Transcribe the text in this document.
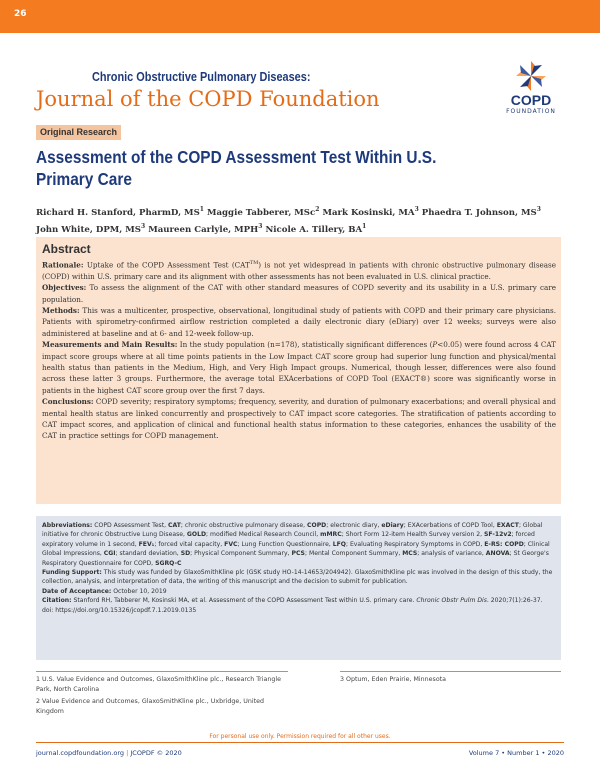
26
Chronic Obstructive Pulmonary Diseases:
Journal of the COPD Foundation	COPD
FOUNDATION
Original Research
Assessment of the COPD Assessment Test Within U.S. Primary Care
Richard H. Stanford, PharmD, $MS^1$ Maggie Tabberer, MSc$^2$ Mark Kosinski, $MA^3$ Phaedra T. Johnson, $MS^3$
John White, DPM, $MS^3$ Maureen Carlyle, MPH$^3$ Nicole A. Tillery, $BA^1$
Abstract

Rationale: Uptake of the COPD Assessment Test (CAT™) is not yet widespread in patients with chronic obstructive pulmonary disease (COPD) within U.S. primary care and its alignment with other assessments has not been evaluated in U.S. clinical practice.

Objectives: To assess the alignment of the CAT with other standard measures of COPD severity and its usability in a U.S. primary care population.

Methods: This was a multicenter, prospective, observational, longitudinal study of patients with COPD and their primary care physicians. Patients with spirometry-confirmed airflow restriction completed a daily electronic diary (eDiary) over 12 weeks; surveys were also administered at baseline and at 6- and 12-week follow-up.

Measurements and Main Results: In the study population (n=178), statistically significant differences (P<0.05) were found across 4 CAT impact score groups where at all time points patients in the Low Impact CAT score group had superior lung function and physical/mental health status than patients in the Medium, High, and Very High Impact groups. Numerical, though lesser, differences were also found across these latter 3 groups. Furthermore, the average total EXAcerbations of COPD Tool (EXACT®) score was significantly worse in patients in the highest CAT score group over the first 7 days.

Conclusions: COPD severity; respiratory symptoms; frequency, severity, and duration of pulmonary exacerbations; and overall physical and mental health status are linked concurrently and prospectively to CAT impact score categories. The stratification of patients according to CAT impact scores, and application of clinical and functional health status information to these categories, enhances the usability of the CAT in practice settings for COPD management.

Abbreviations: COPD Assessment Test, CAT; chronic obstructive pulmonary disease, COPD; electronic diary, eDiary; EXAcerbations of COPD Tool, EXACT; Global initiative for chronic Obstructive Lung Disease, GOLD; modified Medical Research Council, mMRC; Short Form 12-item Health Survey version 2, SF-12v2; forced expiratory volume in 1 second, FEV₁; forced vital capacity, FVC; Lung Function Questionnaire, LFQ; Evaluating Respiratory Symptoms in COPD, E-RS: COPD; Clinical Global Impressions, CGI; standard deviation, SD; Physical Component Summary, PCS; Mental Component Summary, MCS; analysis of variance, ANOVA; St George's Respiratory Questionnaire for COPD, SGRQ-C

Funding Support: This study was funded by GlaxoSmithKline plc (GSK study HO-14-14653/204942). GlaxoSmithKline plc was involved in the design of this study, the collection, analysis, and interpretation of data, the writing of this manuscript and the decision to submit for publication.

Date of Acceptance: October 10, 2019

Citation: Stanford RH, Tabberer M, Kosinski MA, et al. Assessment of the COPD Assessment Test within U.S. primary care. Chronic Obstr Pulm Dis. 2020;7(1):26-37. doi: https://doi.org/10.15326/jcopdf.7.1.2019.0135

1 U.S. Value Evidence and Outcomes, GlaxoSmithKline plc., Research Triangle Park, North Carolina
2 Value Evidence and Outcomes, GlaxoSmithKline plc., Uxbridge, United Kingdom
3 Optum, Eden Prairie, Minnesota
For personal use only. Permission required for all other uses.
journal.copdfoundation.org | JCOPDF © 2020	Volume 7 • Number 1 • 2020
